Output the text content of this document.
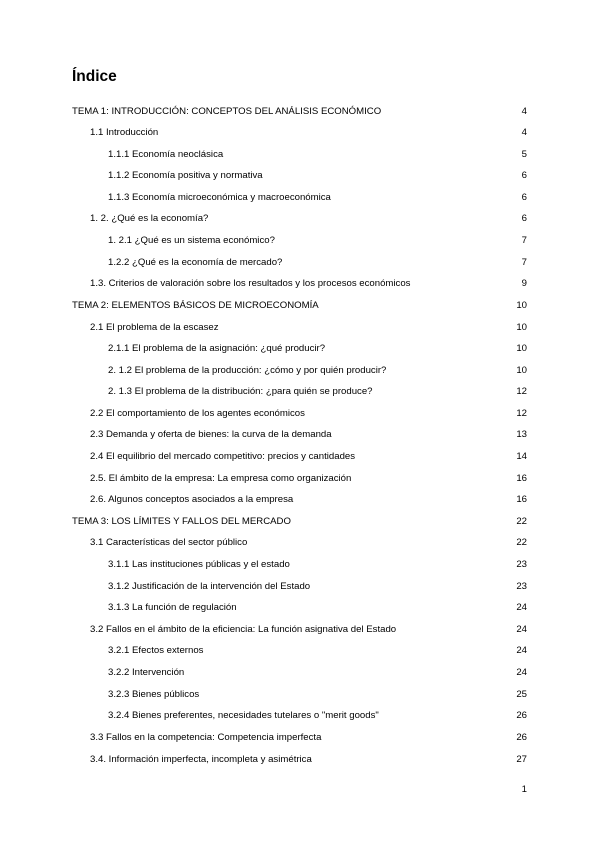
Índice
TEMA 1: INTRODUCCIÓN: CONCEPTOS DEL ANÁLISIS ECONÓMICO	4
1.1 Introducción	4
1.1.1 Economía neoclásica	5
1.1.2 Economía positiva y normativa	6
1.1.3 Economía microeconómica y macroeconómica	6
1. 2. ¿Qué es la economía?	6
1. 2.1 ¿Qué es un sistema económico?	7
1.2.2 ¿Qué es la economía de mercado?	7
1.3. Criterios de valoración sobre los resultados y los procesos económicos	9
TEMA 2: ELEMENTOS BÁSICOS DE MICROECONOMÍA	10
2.1 El problema de la escasez	10
2.1.1 El problema de la asignación: ¿qué producir?	10
2. 1.2 El problema de la producción: ¿cómo y por quién producir?	10
2. 1.3 El problema de la distribución: ¿para quién se produce?	12
2.2 El comportamiento de los agentes económicos	12
2.3 Demanda y oferta de bienes: la curva de la demanda	13
2.4 El equilibrio del mercado competitivo: precios y cantidades	14
2.5. El ámbito de la empresa: La empresa como organización	16
2.6. Algunos conceptos asociados a la empresa	16
TEMA 3: LOS LÍMITES Y FALLOS DEL MERCADO	22
3.1 Características del sector público	22
3.1.1 Las instituciones públicas y el estado	23
3.1.2 Justificación de la intervención del Estado	23
3.1.3 La función de regulación	24
3.2 Fallos en el ámbito de la eficiencia: La función asignativa del Estado	24
3.2.1 Efectos externos	24
3.2.2 Intervención	24
3.2.3 Bienes públicos	25
3.2.4 Bienes preferentes, necesidades tutelares o "merit goods"	26
3.3 Fallos en la competencia: Competencia imperfecta	26
3.4. Información imperfecta, incompleta y asimétrica	27
1
